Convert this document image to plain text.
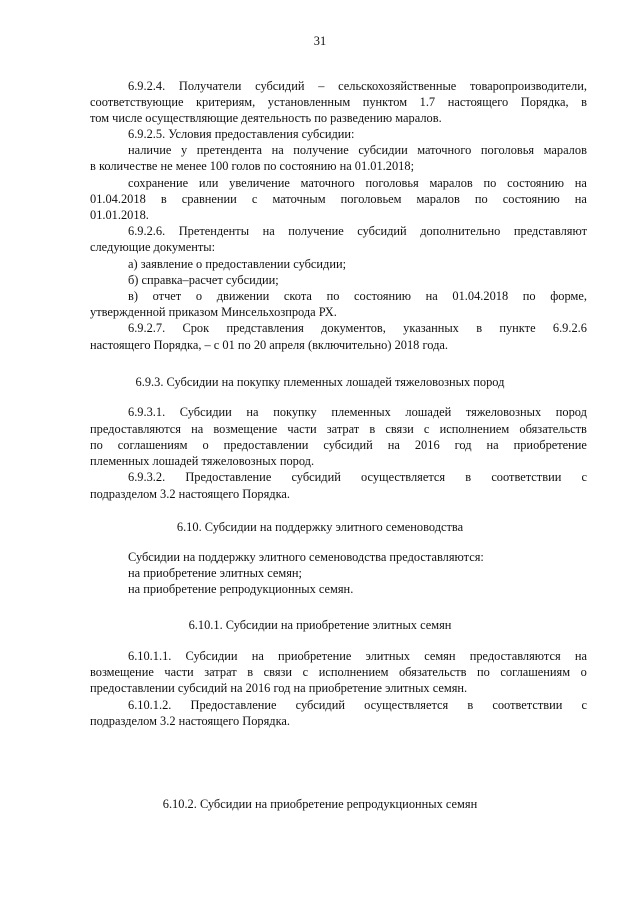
31
6.9.2.4. Получатели субсидий – сельскохозяйственные товаропроизводители,
соответствующие критериям, установленным пунктом 1.7 настоящего Порядка, в
том числе осуществляющие деятельность по разведению маралов.
6.9.2.5. Условия предоставления субсидии:
наличие у претендента на получение субсидии маточного поголовья маралов
в количестве не менее 100 голов по состоянию на 01.01.2018;
сохранение или увеличение маточного поголовья маралов по состоянию на
01.04.2018 в сравнении с маточным поголовьем маралов по состоянию на
01.01.2018.
6.9.2.6. Претенденты на получение субсидий дополнительно представляют
следующие документы:
а) заявление о предоставлении субсидии;
б) справка–расчет субсидии;
в) отчет о движении скота по состоянию на 01.04.2018 по форме,
утвержденной приказом Минсельхозпрода РХ.
6.9.2.7. Срок представления документов, указанных в пункте 6.9.2.6
настоящего Порядка, – с 01 по 20 апреля (включительно) 2018 года.
6.9.3. Субсидии на покупку племенных лошадей тяжеловозных пород
6.9.3.1. Субсидии на покупку племенных лошадей тяжеловозных пород
предоставляются на возмещение части затрат в связи с исполнением обязательств
по соглашениям о предоставлении субсидий на 2016 год на приобретение
племенных лошадей тяжеловозных пород.
6.9.3.2. Предоставление субсидий осуществляется в соответствии с
подразделом 3.2 настоящего Порядка.
6.10. Субсидии на поддержку элитного семеноводства
Субсидии на поддержку элитного семеноводства предоставляются:
на приобретение элитных семян;
на приобретение репродукционных семян.
6.10.1. Субсидии на приобретение элитных семян
6.10.1.1. Субсидии на приобретение элитных семян предоставляются на
возмещение части затрат в связи с исполнением обязательств по соглашениям о
предоставлении субсидий на 2016 год на приобретение элитных семян.
6.10.1.2. Предоставление субсидий осуществляется в соответствии с
подразделом 3.2 настоящего Порядка.
6.10.2. Субсидии на приобретение репродукционных семян
